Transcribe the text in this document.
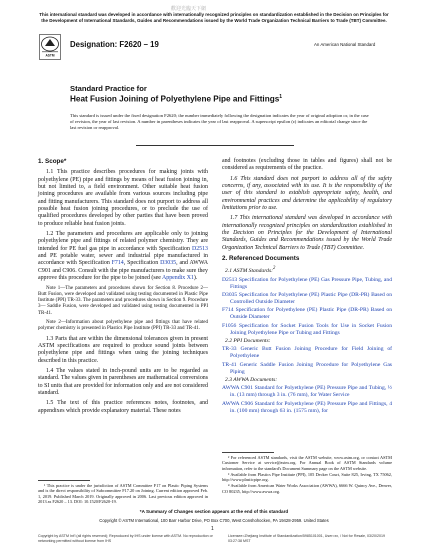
歡迎光臨天下網
This international standard was developed in accordance with internationally recognized principles on standardization established in the Decision on Principles for the Development of International Standards, Guides and Recommendations issued by the World Trade Organization Technical Barriers to Trade (TBT) Committee.
ASTM
Designation: F2620 – 19	An American National Standard
Standard Practice for
Heat Fusion Joining of Polyethylene Pipe and Fittings$^1$
This standard is issued under the fixed designation F2620; the number immediately following the designation indicates the year of original adoption or, in the case of revision, the year of last revision. A number in parentheses indicates the year of last reapproval. A superscript epsilon (ε) indicates an editorial change since the last revision or reapproval.
1. Scope*

1.1 This practice describes procedures for making joints with polyethylene (PE) pipe and fittings by means of heat fusion joining in, but not limited to, a field environment. Other suitable heat fusion joining procedures are available from various sources including pipe and fitting manufacturers. This standard does not purport to address all possible heat fusion joining procedures, or to preclude the use of qualified procedures developed by other parties that have been proved to produce reliable heat fusion joints.

1.2 The parameters and procedures are applicable only to joining polyethylene pipe and fittings of related polymer chemistry. They are intended for PE fuel gas pipe in accordance with Specification D2513 and PE potable water, sewer and industrial pipe manufactured in accordance with Specification F714, Specification D3035, and AWWA C901 and C906. Consult with the pipe manufacturers to make sure they approve this procedure for the pipe to be joined (see Appendix X1).

Note 1—The parameters and procedures shown for Section 8. Procedure 2—Butt Fusion, were developed and validated using testing documented in Plastic Pipe Institute (PPI) TR-33. The parameters and procedures shown in Section 9. Procedure 3— Saddle Fusion, were developed and validated using testing documented in PPI TR-41.

Note 2—Information about polyethylene pipe and fittings that have related polymer chemistry is presented in Plastics Pipe Institute (PPI) TR-33 and TR-41.

1.3 Parts that are within the dimensional tolerances given in present ASTM specifications are required to produce sound joints between polyethylene pipe and fittings when using the joining techniques described in this practice.

1.4 The values stated in inch-pound units are to be regarded as standard. The values given in parentheses are mathematical conversions to SI units that are provided for information only and are not considered standard.

1.5 The text of this practice references notes, footnotes, and appendixes which provide explanatory material. These notes

and footnotes (excluding those in tables and figures) shall not be considered as requirements of the practice.

1.6 This standard does not purport to address all of the safety concerns, if any, associated with its use. It is the responsibility of the user of this standard to establish appropriate safety, health, and environmental practices and determine the applicability of regulatory limitations prior to use.

1.7 This international standard was developed in accordance with internationally recognized principles on standardization established in the Decision on Principles for the Development of International Standards, Guides and Recommendations issued by the World Trade Organization Technical Barriers to Trade (TBT) Committee.

2. Referenced Documents
2.1 ASTM Standards:$^2$
D2513 Specification for Polyethylene (PE) Gas Pressure Pipe, Tubing, and Fittings
D3035 Specification for Polyethylene (PE) Plastic Pipe (DR-PR) Based on Controlled Outside Diameter
F714 Specification for Polyethylene (PE) Plastic Pipe (DR-PR) Based on Outside Diameter
F1056 Specification for Socket Fusion Tools for Use in Socket Fusion Joining Polyethylene Pipe or Tubing and Fittings
2.2 PPI Documents:
TR-33 Generic Butt Fusion Joining Procedure for Field Joining of Polyethylene
TR-41 Generic Saddle Fusion Joining Procedure for Polyethylene Gas Piping
2.3 AWWA Documents:
AWWA C901 Standard for Polyethylene (PE) Pressure Pipe and Tubing, ½ in. (13 mm) through 3 in. (76 mm), for Water Service
AWWA C906 Standard for Polyethylene (PE) Pressure Pipe and Fittings, 4 in. (100 mm) through 63 in. (1575 mm), for
² For referenced ASTM standards, visit the ASTM website, www.astm.org, or contact ASTM Customer Service at service@astm.org. For Annual Book of ASTM Standards volume information, refer to the standard's Document Summary page on the ASTM website.
³ Available from Plastics Pipe Institute (PPI), 105 Decker Court, Suite 825, Irving, TX 75062, http://www.plasticpipe.org.
⁴ Available from American Water Works Association (AWWA), 6666 W. Quincy Ave., Denver, CO 80235, http://www.awwa.org.
¹ This practice is under the jurisdiction of ASTM Committee F17 on Plastic Piping Systems and is the direct responsibility of Subcommittee F17.20 on Joining. Current edition approved Feb. 1, 2019. Published March 2019. Originally approved in 2006. Last previous edition approved in 2013 as F2620 – 13. DOI: 10.1520/F2620-19.
*A Summary of Changes section appears at the end of this standard
Copyright © ASTM International, 100 Barr Harbor Drive, PO Box C700, West Conshohocken, PA 19428-2959. United States
1
Copyright by ASTM Int'l (all rights reserved); Reproduced by IHS under license with ASTM. No reproduction or networking permitted without license from IHS
Licensee=Zhejiang Institute of Standardization/5985101001, User=xx, / Not for Resale, 03/20/2019 03:27:38 MST
